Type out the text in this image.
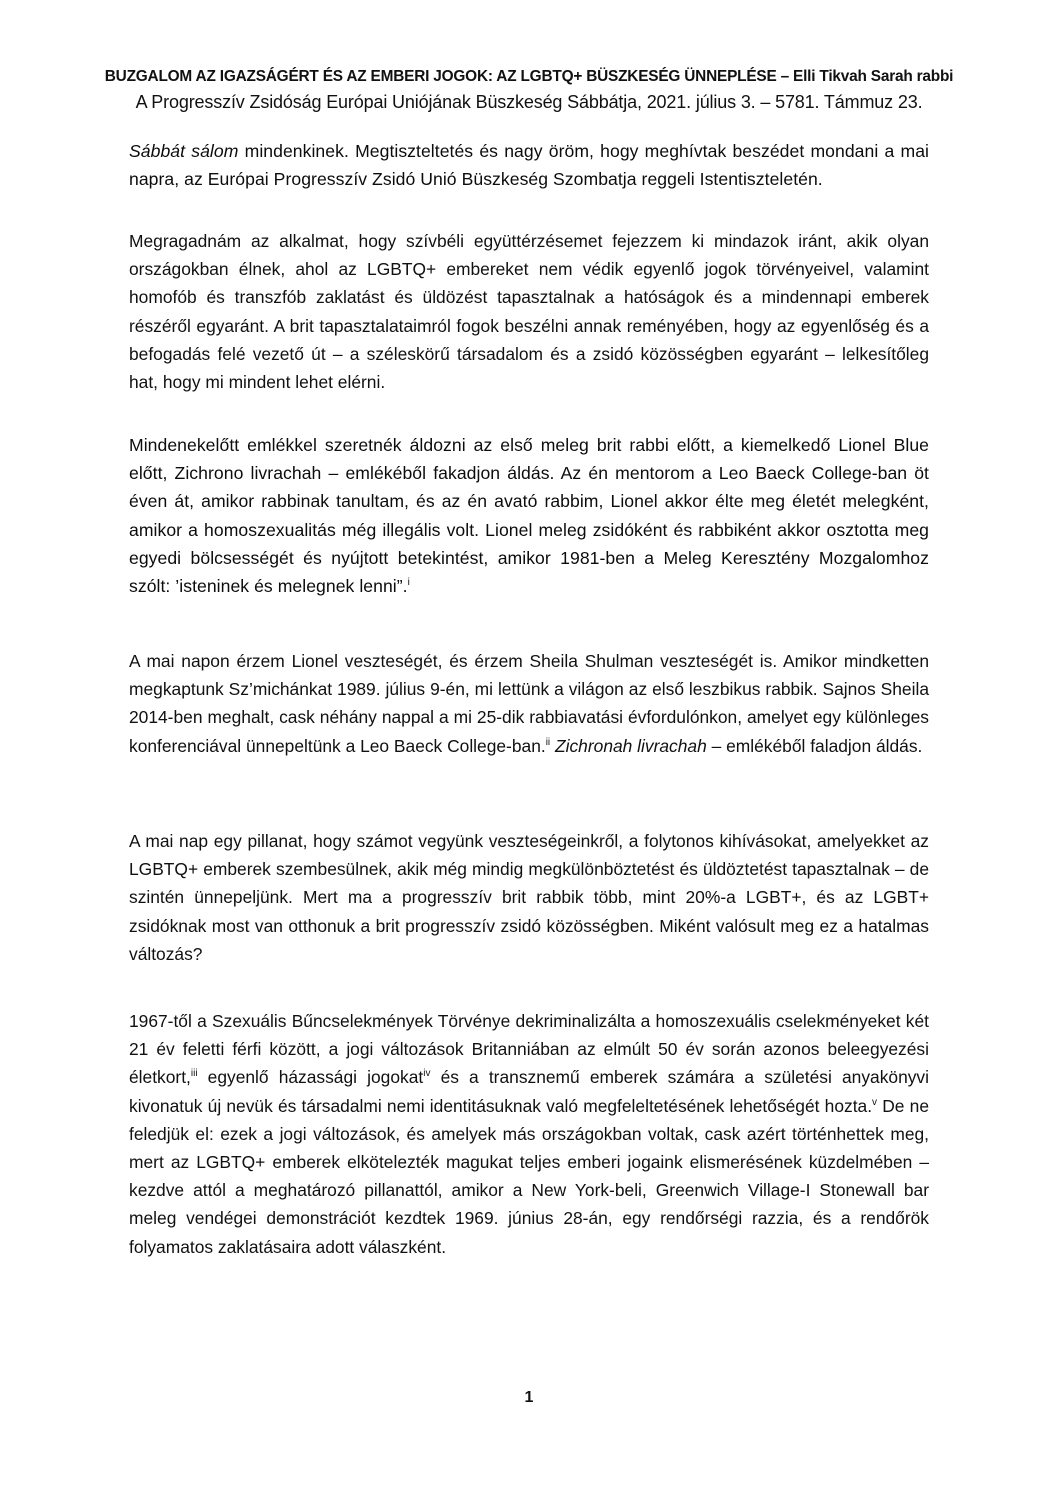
BUZGALOM AZ IGAZSÁGÉRT ÉS AZ EMBERI JOGOK: AZ LGBTQ+ BÜSZKESÉG ÜNNEPLÉSE – Elli Tikvah Sarah rabbi
A Progresszív Zsidóság Európai Uniójának Büszkeség Sábbátja, 2021. július 3. – 5781. Támmuz 23.

Sábbát sálom mindenkinek. Megtiszteltetés és nagy öröm, hogy meghívtak beszédet mondani a mai napra, az Európai Progresszív Zsidó Unió Büszkeség Szombatja reggeli Istentiszteletén.

Megragadnám az alkalmat, hogy szívbéli együttérzésemet fejezzem ki mindazok iránt, akik olyan országokban élnek, ahol az LGBTQ+ embereket nem védik egyenlő jogok törvényeivel, valamint homofób és transzfób zaklatást és üldözést tapasztalnak a hatóságok és a mindennapi emberek részéről egyaránt. A brit tapasztalataimról fogok beszélni annak reményében, hogy az egyenlőség és a befogadás felé vezető út – a széleskörű társadalom és a zsidó közösségben egyaránt – lelkesítőleg hat, hogy mi mindent lehet elérni.

Mindenekelőtt emlékkel szeretnék áldozni az első meleg brit rabbi előtt, a kiemelkedő Lionel Blue előtt, Zichrono livrachah – emlékéből fakadjon áldás. Az én mentorom a Leo Baeck College-ban öt éven át, amikor rabbinak tanultam, és az én avató rabbim, Lionel akkor élte meg életét melegként, amikor a homoszexualitás még illegális volt. Lionel meleg zsidóként és rabbiként akkor osztotta meg egyedi bölcsességét és nyújtott betekintést, amikor 1981-ben a Meleg Keresztény Mozgalomhoz szólt: ’isteninek és melegnek lenni”.$^i$

A mai napon érzem Lionel veszteségét, és érzem Sheila Shulman veszteségét is. Amikor mindketten megkaptunk Sz’michánkat 1989. július 9-én, mi lettünk a világon az első leszbikus rabbik. Sajnos Sheila 2014-ben meghalt, cask néhány nappal a mi 25-dik rabbiavatási évfordulónkon, amelyet egy különleges konferenciával ünnepeltünk a Leo Baeck College-ban.$^{ii}$ Zichronah livrachah – emlékéből faladjon áldás.

A mai nap egy pillanat, hogy számot vegyünk veszteségeinkről, a folytonos kihívásokat, amelyekket az LGBTQ+ emberek szembesülnek, akik még mindig megkülönböztetést és üldöztetést tapasztalnak – de szintén ünnepeljünk. Mert ma a progresszív brit rabbik több, mint 20%-a LGBT+, és az LGBT+ zsidóknak most van otthonuk a brit progresszív zsidó közösségben. Miként valósult meg ez a hatalmas változás?

1967-től a Szexuális Bűncselekmények Törvénye dekriminalizálta a homoszexuális cselekményeket két 21 év feletti férfi között, a jogi változások Britanniában az elmúlt 50 év során azonos beleegyezési életkort,$^{iii}$ egyenlő házassági jogokat$^{iv}$ és a transznemű emberek számára a születési anyakönyvi kivonatuk új nevük és társadalmi nemi identitásuknak való megfeleltetésének lehetőségét hozta.$^v$ De ne feledjük el: ezek a jogi változások, és amelyek más országokban voltak, cask azért történhettek meg, mert az LGBTQ+ emberek elkötelezték magukat teljes emberi jogaink elismerésének küzdelmében – kezdve attól a meghatározó pillanattól, amikor a New York-beli, Greenwich Village-I Stonewall bar meleg vendégei demonstrációt kezdtek 1969. június 28-án, egy rendőrségi razzia, és a rendőrök folyamatos zaklatásaira adott válaszként.

1
